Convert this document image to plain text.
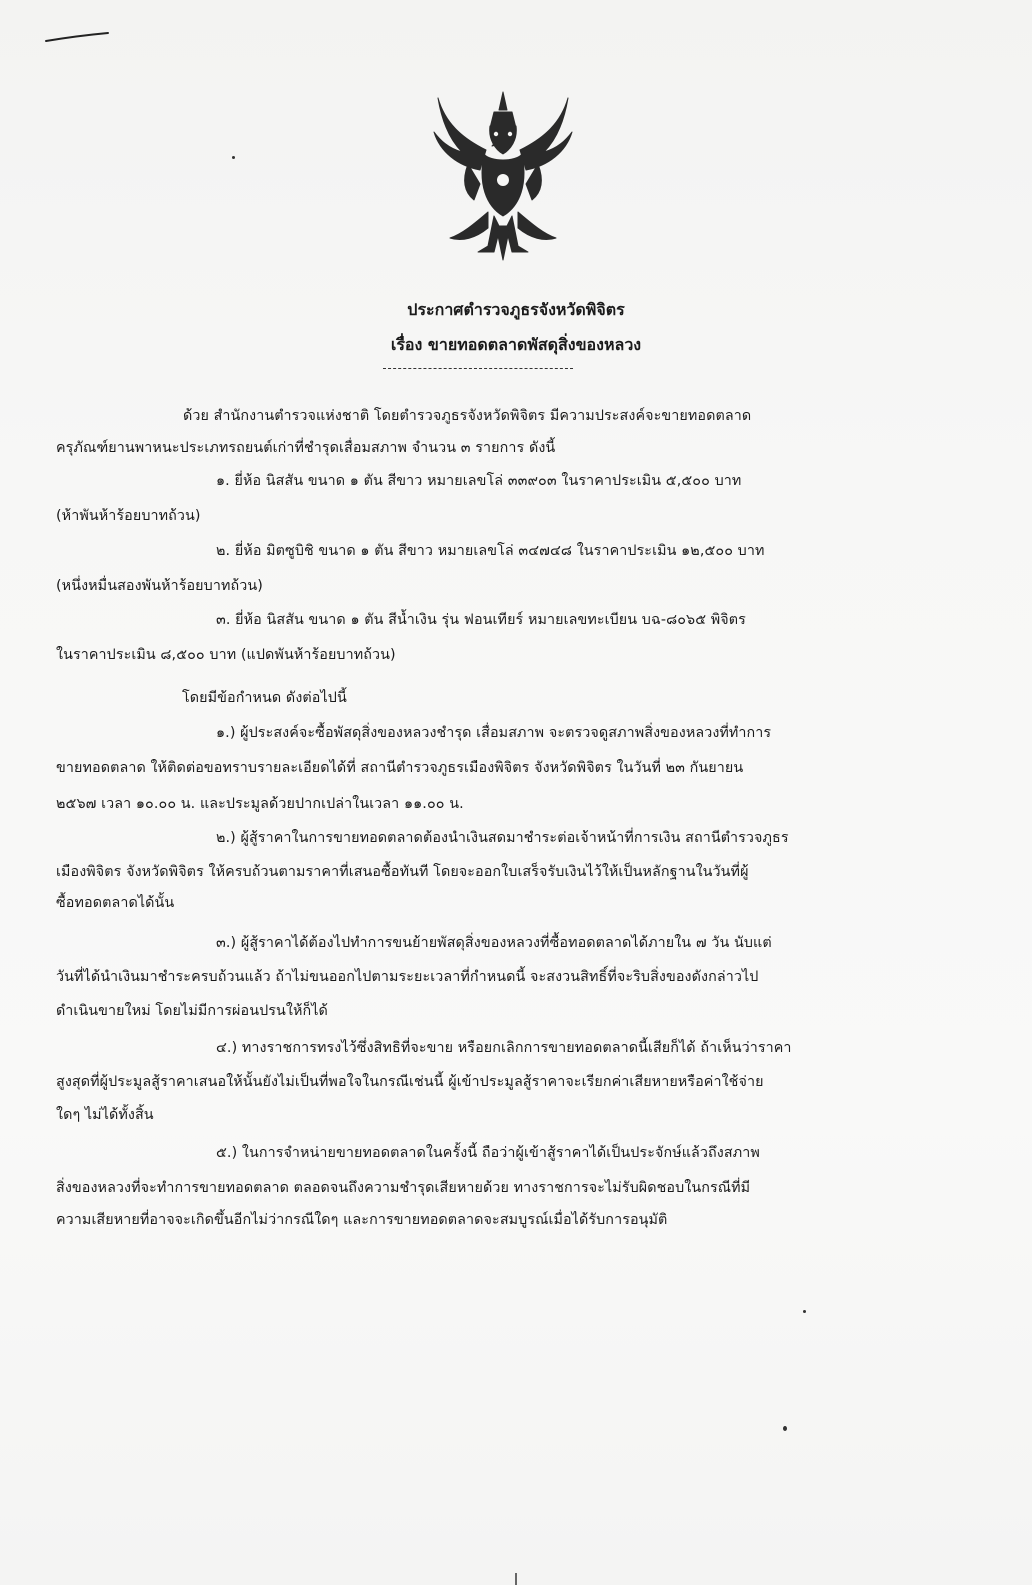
ประกาศตำรวจภูธรจังหวัดพิจิตร
เรื่อง ขายทอดตลาดพัสดุสิ่งของหลวง
ด้วย สำนักงานตำรวจแห่งชาติ โดยตำรวจภูธรจังหวัดพิจิตร มีความประสงค์จะขายทอดตลาด
ครุภัณฑ์ยานพาหนะประเภทรถยนต์เก่าที่ชำรุดเสื่อมสภาพ จำนวน ๓ รายการ ดังนี้
๑. ยี่ห้อ นิสสัน ขนาด ๑ ตัน สีขาว หมายเลขโล่ ๓๓๙๐๓ ในราคาประเมิน ๕,๕๐๐ บาท
(ห้าพันห้าร้อยบาทถ้วน)
๒. ยี่ห้อ มิตซูบิชิ ขนาด ๑ ตัน สีขาว หมายเลขโล่ ๓๔๗๔๘ ในราคาประเมิน ๑๒,๕๐๐ บาท
(หนึ่งหมื่นสองพันห้าร้อยบาทถ้วน)
๓. ยี่ห้อ นิสสัน ขนาด ๑ ตัน สีน้ำเงิน รุ่น ฟอนเทียร์ หมายเลขทะเบียน บฉ-๘๐๖๕ พิจิตร
ในราคาประเมิน ๘,๕๐๐ บาท (แปดพันห้าร้อยบาทถ้วน)
โดยมีข้อกำหนด ดังต่อไปนี้
๑.) ผู้ประสงค์จะซื้อพัสดุสิ่งของหลวงชำรุด เสื่อมสภาพ จะตรวจดูสภาพสิ่งของหลวงที่ทำการ
ขายทอดตลาด ให้ติดต่อขอทราบรายละเอียดได้ที่ สถานีตำรวจภูธรเมืองพิจิตร จังหวัดพิจิตร ในวันที่ ๒๓ กันยายน
๒๕๖๗ เวลา ๑๐.๐๐ น. และประมูลด้วยปากเปล่าในเวลา ๑๑.๐๐ น.
๒.) ผู้สู้ราคาในการขายทอดตลาดต้องนำเงินสดมาชำระต่อเจ้าหน้าที่การเงิน สถานีตำรวจภูธร
เมืองพิจิตร จังหวัดพิจิตร ให้ครบถ้วนตามราคาที่เสนอซื้อทันที โดยจะออกใบเสร็จรับเงินไว้ให้เป็นหลักฐานในวันที่ผู้
ซื้อทอดตลาดได้นั้น
๓.) ผู้สู้ราคาได้ต้องไปทำการขนย้ายพัสดุสิ่งของหลวงที่ซื้อทอดตลาดได้ภายใน ๗ วัน นับแต่
วันที่ได้นำเงินมาชำระครบถ้วนแล้ว ถ้าไม่ขนออกไปตามระยะเวลาที่กำหนดนี้ จะสงวนสิทธิ์ที่จะริบสิ่งของดังกล่าวไป
ดำเนินขายใหม่ โดยไม่มีการผ่อนปรนให้ก็ได้
๔.) ทางราชการทรงไว้ซึ่งสิทธิที่จะขาย หรือยกเลิกการขายทอดตลาดนี้เสียก็ได้ ถ้าเห็นว่าราคา
สูงสุดที่ผู้ประมูลสู้ราคาเสนอให้นั้นยังไม่เป็นที่พอใจในกรณีเช่นนี้ ผู้เข้าประมูลสู้ราคาจะเรียกค่าเสียหายหรือค่าใช้จ่าย
ใดๆ ไม่ได้ทั้งสิ้น
๕.) ในการจำหน่ายขายทอดตลาดในครั้งนี้ ถือว่าผู้เข้าสู้ราคาได้เป็นประจักษ์แล้วถึงสภาพ
สิ่งของหลวงที่จะทำการขายทอดตลาด ตลอดจนถึงความชำรุดเสียหายด้วย ทางราชการจะไม่รับผิดชอบในกรณีที่มี
ความเสียหายที่อาจจะเกิดขึ้นอีกไม่ว่ากรณีใดๆ และการขายทอดตลาดจะสมบูรณ์เมื่อได้รับการอนุมัติ
